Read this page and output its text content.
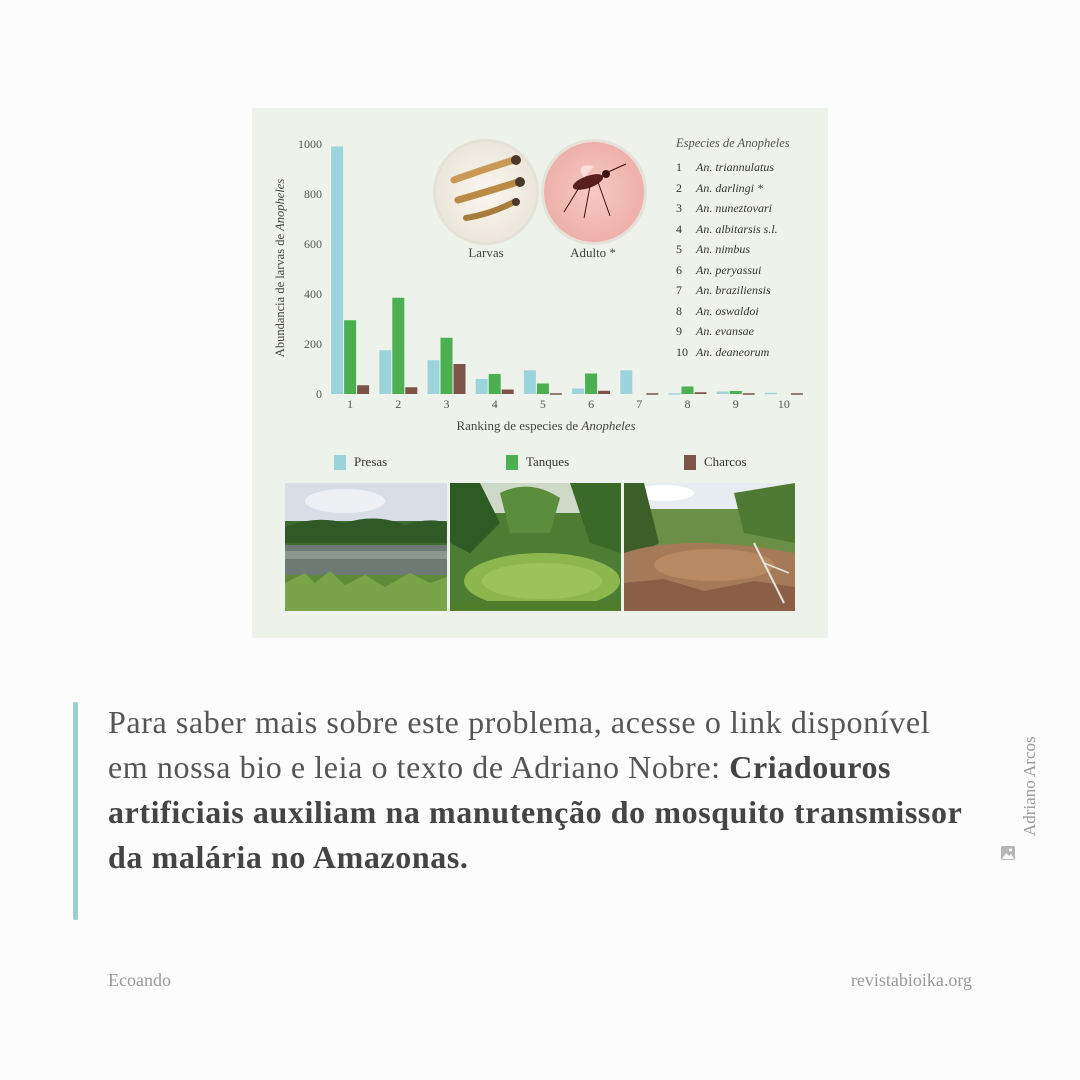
0
200
400
600
800
1000
1	2	3	4	5	6	7	8	9	10
Abundancia de larvas de Anopheles
Ranking de especies de Anopheles
Larvas	Adulto *
Especies de Anopheles
1 An. triannulatus
2 An. darlingi *
3 An. nuneztovari
4 An. albitarsis s.l.
5 An. nimbus
6 An. peryassui
7 An. braziliensis
8 An. oswaldoi
9 An. evansae
10 An. deaneorum
Presas	Tanques	Charcos
Para saber mais sobre este problema, acesse o link disponível em nossa bio e leia o texto de Adriano Nobre: Criadouros artificiais auxiliam na manutenção do mosquito transmissor da malária no Amazonas.
Adriano Arcos
Ecoando	revistabioika.org
